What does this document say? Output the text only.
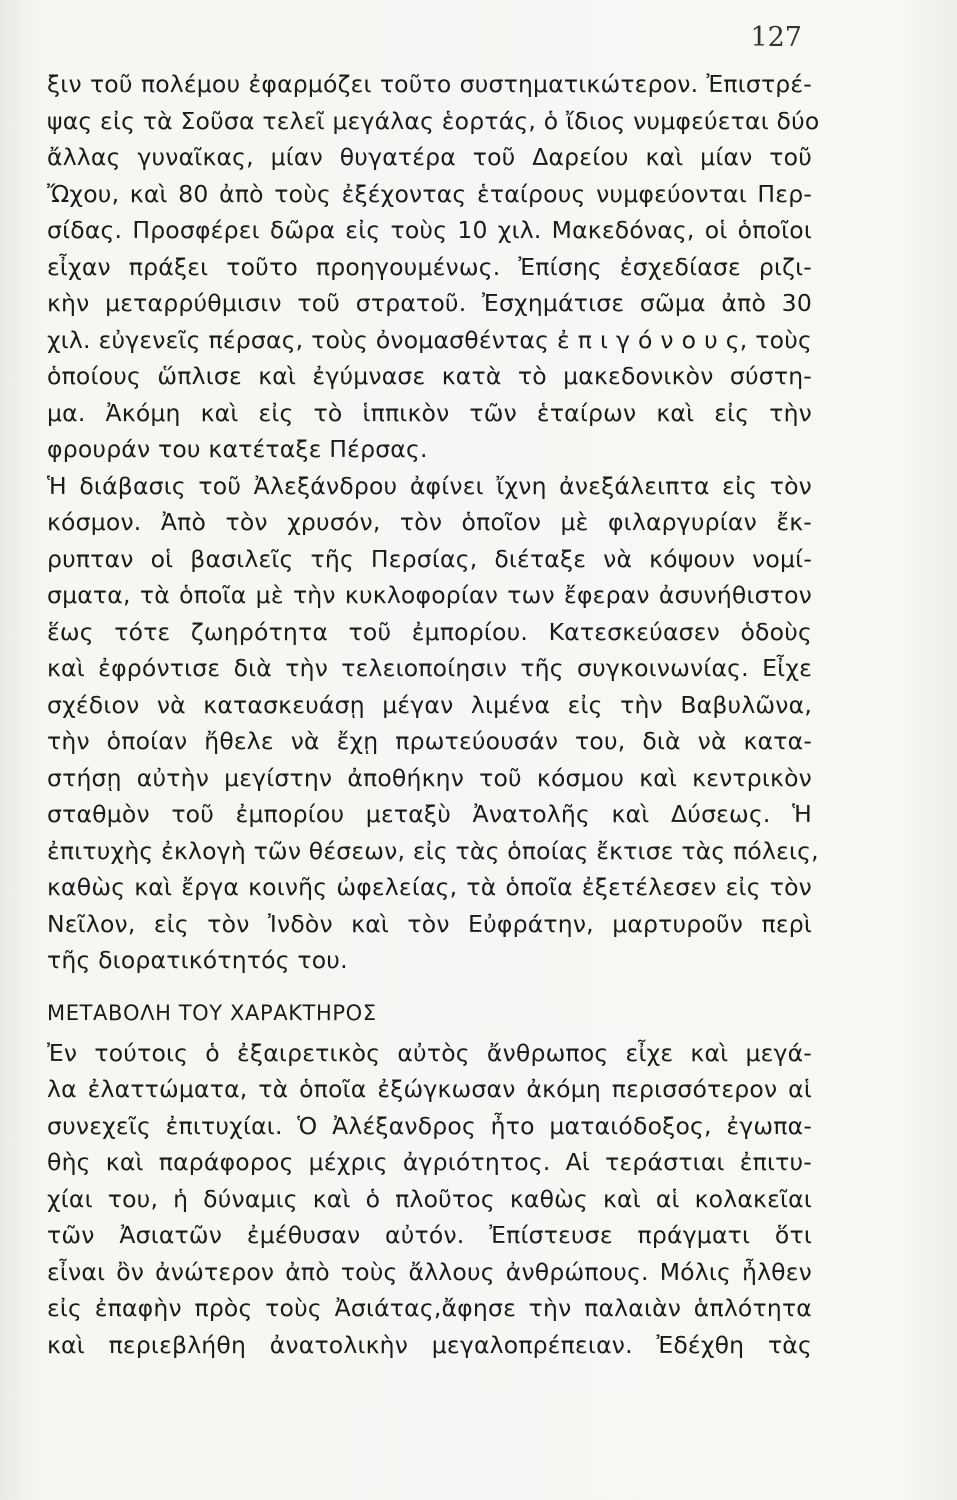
127
ξιν τοῦ πολέμου ἐφαρμόζει τοῦτο συστηματικώτερον. Ἐπιστρέ-
ψας εἰς τὰ Σοῦσα τελεῖ μεγάλας ἑορτάς, ὁ ἴδιος νυμφεύεται δύο
ἄλλας γυναῖκας, μίαν θυγατέρα τοῦ Δαρείου καὶ μίαν τοῦ
Ὤχου, καὶ 80 ἀπὸ τοὺς ἐξέχοντας ἑταίρους νυμφεύονται Περ-
σίδας. Προσφέρει δῶρα εἰς τοὺς 10 χιλ. Μακεδόνας, οἱ ὁποῖοι
εἶχαν πράξει τοῦτο προηγουμένως. Ἐπίσης ἐσχεδίασε ριζι-
κὴν μεταρρύθμισιν τοῦ στρατοῦ. Ἐσχημάτισε σῶμα ἀπὸ 30
χιλ. εὐγενεῖς πέρσας, τοὺς ὀνομασθέντας ἐ π ι γ ό ν ο υ ς, τοὺς
ὁποίους ὥπλισε καὶ ἐγύμνασε κατὰ τὸ μακεδονικὸν σύστη-
μα. Ἀκόμη καὶ εἰς τὸ ἱππικὸν τῶν ἑταίρων καὶ εἰς τὴν
φρουράν του κατέταξε Πέρσας.
Ἡ διάβασις τοῦ Ἀλεξάνδρου ἀφίνει ἴχνη ἀνεξάλειπτα εἰς τὸν
κόσμον. Ἀπὸ τὸν χρυσόν, τὸν ὁποῖον μὲ φιλαργυρίαν ἔκ-
ρυπταν οἱ βασιλεῖς τῆς Περσίας, διέταξε νὰ κόψουν νομί-
σματα, τὰ ὁποῖα μὲ τὴν κυκλοφορίαν των ἔφεραν ἀσυνήθιστον
ἕως τότε ζωηρότητα τοῦ ἐμπορίου. Κατεσκεύασεν ὁδοὺς
καὶ ἐφρόντισε διὰ τὴν τελειοποίησιν τῆς συγκοινωνίας. Εἶχε
σχέδιον νὰ κατασκευάσῃ μέγαν λιμένα εἰς τὴν Βαβυλῶνα,
τὴν ὁποίαν ἤθελε νὰ ἔχῃ πρωτεύουσάν του, διὰ νὰ κατα-
στήσῃ αὐτὴν μεγίστην ἀποθήκην τοῦ κόσμου καὶ κεντρικὸν
σταθμὸν τοῦ ἐμπορίου μεταξὺ Ἀνατολῆς καὶ Δύσεως. Ἡ
ἐπιτυχὴς ἐκλογὴ τῶν θέσεων, εἰς τὰς ὁποίας ἔκτισε τὰς πόλεις,
καθὼς καὶ ἔργα κοινῆς ὠφελείας, τὰ ὁποῖα ἐξετέλεσεν εἰς τὸν
Νεῖλον, εἰς τὸν Ἰνδὸν καὶ τὸν Εὐφράτην, μαρτυροῦν περὶ
τῆς διορατικότητός του.
ΜΕΤΑΒΟΛΗ ΤΟΥ ΧΑΡΑΚΤΗΡΟΣ
Ἐν τούτοις ὁ ἐξαιρετικὸς αὐτὸς ἄνθρωπος εἶχε καὶ μεγά-
λα ἐλαττώματα, τὰ ὁποῖα ἐξώγκωσαν ἀκόμη περισσότερον αἱ
συνεχεῖς ἐπιτυχίαι. Ὁ Ἀλέξανδρος ἦτο ματαιόδοξος, ἐγωπα-
θὴς καὶ παράφορος μέχρις ἀγριότητος. Αἱ τεράστιαι ἐπιτυ-
χίαι του, ἡ δύναμις καὶ ὁ πλοῦτος καθὼς καὶ αἱ κολακεῖαι
τῶν Ἀσιατῶν ἐμέθυσαν αὐτόν. Ἐπίστευσε πράγματι ὅτι
εἶναι ὂν ἀνώτερον ἀπὸ τοὺς ἄλλους ἀνθρώπους. Μόλις ἦλθεν
εἰς ἐπαφὴν πρὸς τοὺς Ἀσιάτας,ἄφησε τὴν παλαιὰν ἁπλότητα
καὶ περιεβλήθη ἀνατολικὴν μεγαλοπρέπειαν. Ἐδέχθη τὰς
